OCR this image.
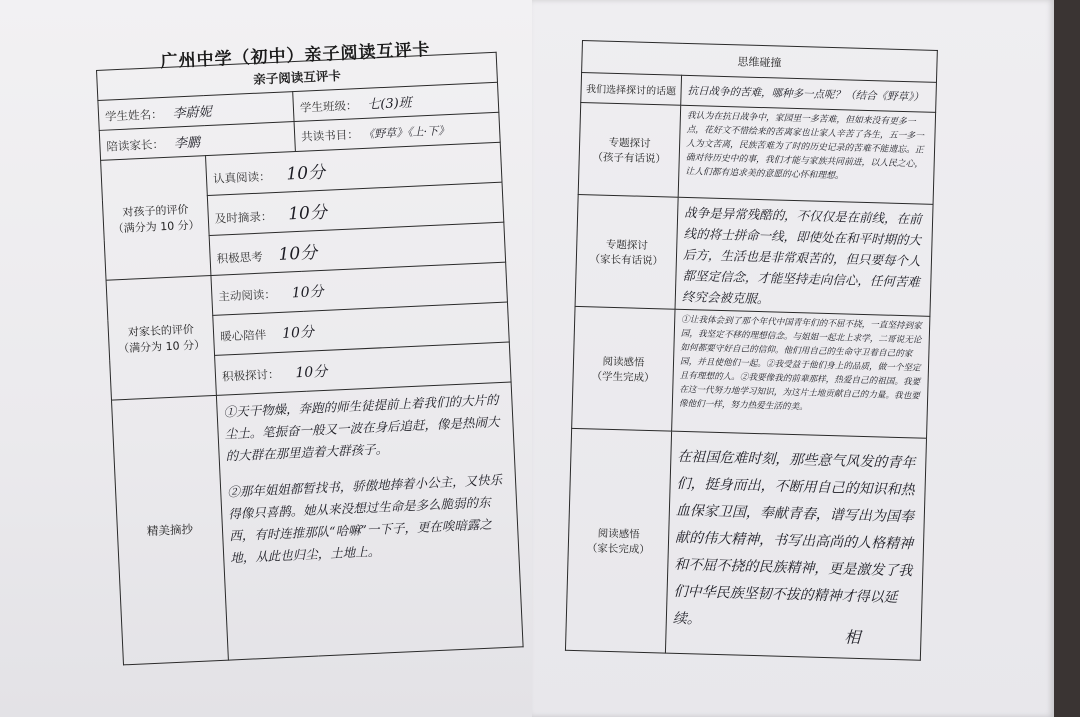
广州中学（初中）亲子阅读互评卡
亲子阅读互评卡		
学生姓名： 李蔚妮		学生班级： 七(3)班
陪读家长： 李鹏		共读书目： 《野草》《上·下》
对孩子的评价
（满分为 10 分）	认真阅读： 10分	
	及时摘录： 10分	
	积极思考 10分	
对家长的评价
（满分为 10 分）	主动阅读： 10分	
	暖心陪伴 10分	
	积极探讨： 10分	
精美摘抄	①天干物燥，奔跑的师生徒提前上着我们的大片的尘土。笔振奋一般又一波在身后追赶，像是热闹大的大群在那里造着大群孩子。
②那年姐姐都暂找书，骄傲地捧着小公主，又快乐得像只喜鹊。她从来没想过生命是多么脆弱的东西，有时连推那队“哈嘛”一下子，更在唉暗露之地，从此也归尘，土地上。	
思维碰撞	
我们选择探讨的话题	抗日战争的苦难，哪种多一点呢？（结合《野草》）
专题探讨
（孩子有话说）	我认为在抗日战争中，家园里一多苦难，但如来没有更多一点，花好文不惜绘来的苦离家也让家人辛苦了各生，五一多一人为文苦离，民族苦难为了时的历史记录的苦难不能遗忘。正确对待历史中的事，我们才能与家族共同前进，以人民之心，让人们都有追求美的意愿的心怀和理想。

专题探讨
（家长有话说）	战争是异常残酷的，不仅仅是在前线，在前线的将士拼命一线，即使处在和平时期的大后方，生活也是非常艰苦的，但只要每个人都坚定信念，才能坚持走向信心，任何苦难终究会被克服。

阅读感悟
（学生完成）	①让我体会到了那个年代中国青年们的不屈不挠，一直坚持到家园，我坚定不移的理想信念。与姐姐一起北上求学，二哥说无论如何都要守好自己的信仰。他们用自己的生命守卫着自己的家园，并且使他们一起。②我受益于他们身上的品质，做一个坚定且有理想的人。②我要像我的前辈那样，热爱自己的祖国。我要在这一代努力地学习知识，为这片土地贡献自己的力量。我也要像他们一样，努力热爱生活的美。

阅读感悟
（家长完成）	在祖国危难时刻，那些意气风发的青年们，挺身而出，不断用自己的知识和热血保家卫国，奉献青春，谱写出为国奉献的伟大精神，书写出高尚的人格精神和不屈不挠的民族精神，更是激发了我们中华民族坚韧不拔的精神才得以延续。
相
